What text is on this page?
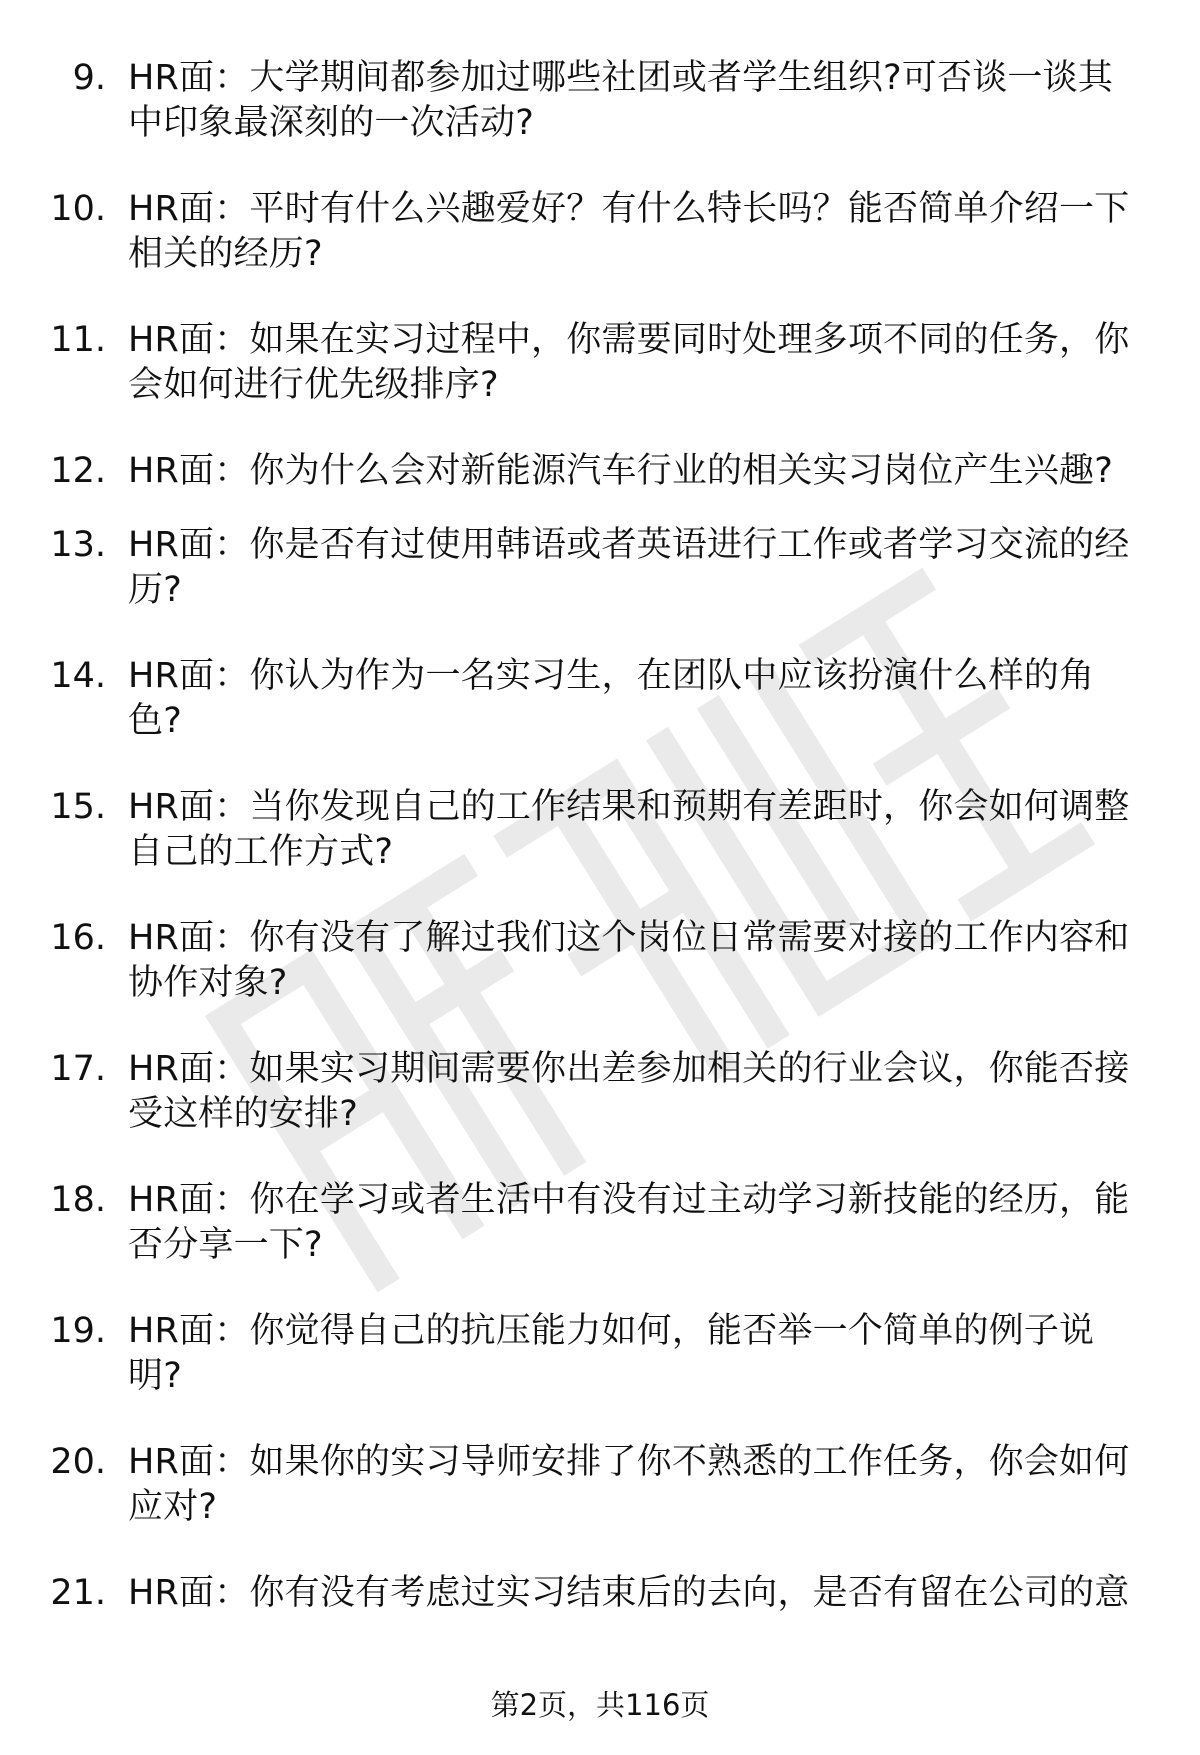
9. HR面：大学期间都参加过哪些社团或者学生组织?可否谈一谈其
中印象最深刻的一次活动?
10. HR面：平时有什么兴趣爱好？有什么特长吗？能否简单介绍一下
相关的经历?
11. HR面：如果在实习过程中，你需要同时处理多项不同的任务，你
会如何进行优先级排序?
12. HR面：你为什么会对新能源汽车行业的相关实习岗位产生兴趣?
13. HR面：你是否有过使用韩语或者英语进行工作或者学习交流的经
历?
14. HR面：你认为作为一名实习生，在团队中应该扮演什么样的角
色?
15. HR面：当你发现自己的工作结果和预期有差距时，你会如何调整
自己的工作方式?
16. HR面：你有没有了解过我们这个岗位日常需要对接的工作内容和
协作对象?
17. HR面：如果实习期间需要你出差参加相关的行业会议，你能否接
受这样的安排?
18. HR面：你在学习或者生活中有没有过主动学习新技能的经历，能
否分享一下?
19. HR面：你觉得自己的抗压能力如何，能否举一个简单的例子说
明?
20. HR面：如果你的实习导师安排了你不熟悉的工作任务，你会如何
应对?
21. HR面：你有没有考虑过实习结束后的去向，是否有留在公司的意
第2页，共116页
